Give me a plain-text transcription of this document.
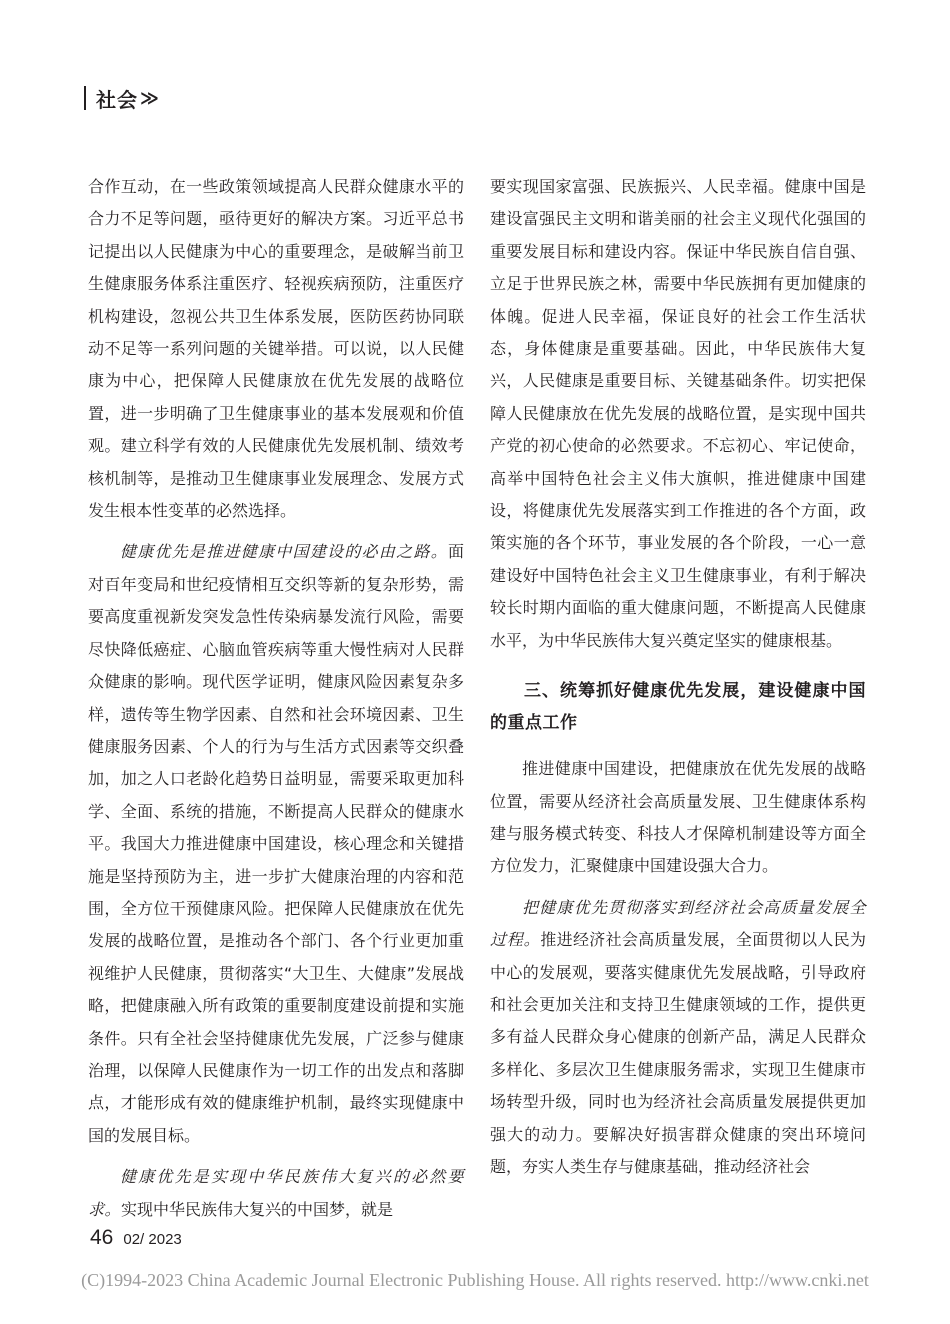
社会 ≫

合作互动，在一些政策领域提高人民群众健康水平的合力不足等问题，亟待更好的解决方案。习近平总书记提出以人民健康为中心的重要理念，是破解当前卫生健康服务体系注重医疗、轻视疾病预防，注重医疗机构建设，忽视公共卫生体系发展，医防医药协同联动不足等一系列问题的关键举措。可以说，以人民健康为中心，把保障人民健康放在优先发展的战略位置，进一步明确了卫生健康事业的基本发展观和价值观。建立科学有效的人民健康优先发展机制、绩效考核机制等，是推动卫生健康事业发展理念、发展方式发生根本性变革的必然选择。

健康优先是推进健康中国建设的必由之路。面对百年变局和世纪疫情相互交织等新的复杂形势，需要高度重视新发突发急性传染病暴发流行风险，需要尽快降低癌症、心脑血管疾病等重大慢性病对人民群众健康的影响。现代医学证明，健康风险因素复杂多样，遗传等生物学因素、自然和社会环境因素、卫生健康服务因素、个人的行为与生活方式因素等交织叠加，加之人口老龄化趋势日益明显，需要采取更加科学、全面、系统的措施，不断提高人民群众的健康水平。我国大力推进健康中国建设，核心理念和关键措施是坚持预防为主，进一步扩大健康治理的内容和范围，全方位干预健康风险。把保障人民健康放在优先发展的战略位置，是推动各个部门、各个行业更加重视维护人民健康，贯彻落实“大卫生、大健康”发展战略，把健康融入所有政策的重要制度建设前提和实施条件。只有全社会坚持健康优先发展，广泛参与健康治理，以保障人民健康作为一切工作的出发点和落脚点，才能形成有效的健康维护机制，最终实现健康中国的发展目标。

健康优先是实现中华民族伟大复兴的必然要求。实现中华民族伟大复兴的中国梦，就是

要实现国家富强、民族振兴、人民幸福。健康中国是建设富强民主文明和谐美丽的社会主义现代化强国的重要发展目标和建设内容。保证中华民族自信自强、立足于世界民族之林，需要中华民族拥有更加健康的体魄。促进人民幸福，保证良好的社会工作生活状态，身体健康是重要基础。因此，中华民族伟大复兴，人民健康是重要目标、关键基础条件。切实把保障人民健康放在优先发展的战略位置，是实现中国共产党的初心使命的必然要求。不忘初心、牢记使命，高举中国特色社会主义伟大旗帜，推进健康中国建设，将健康优先发展落实到工作推进的各个方面，政策实施的各个环节，事业发展的各个阶段，一心一意建设好中国特色社会主义卫生健康事业，有利于解决较长时期内面临的重大健康问题，不断提高人民健康水平，为中华民族伟大复兴奠定坚实的健康根基。

三、统筹抓好健康优先发展，建设健康中国的重点工作

推进健康中国建设，把健康放在优先发展的战略位置，需要从经济社会高质量发展、卫生健康体系构建与服务模式转变、科技人才保障机制建设等方面全方位发力，汇聚健康中国建设强大合力。

把健康优先贯彻落实到经济社会高质量发展全过程。推进经济社会高质量发展，全面贯彻以人民为中心的发展观，要落实健康优先发展战略，引导政府和社会更加关注和支持卫生健康领域的工作，提供更多有益人民群众身心健康的创新产品，满足人民群众多样化、多层次卫生健康服务需求，实现卫生健康市场转型升级，同时也为经济社会高质量发展提供更加强大的动力。要解决好损害群众健康的突出环境问题，夯实人类生存与健康基础，推动经济社会

46 02/ 2023
(C)1994-2023 China Academic Journal Electronic Publishing House. All rights reserved. http://www.cnki.net
